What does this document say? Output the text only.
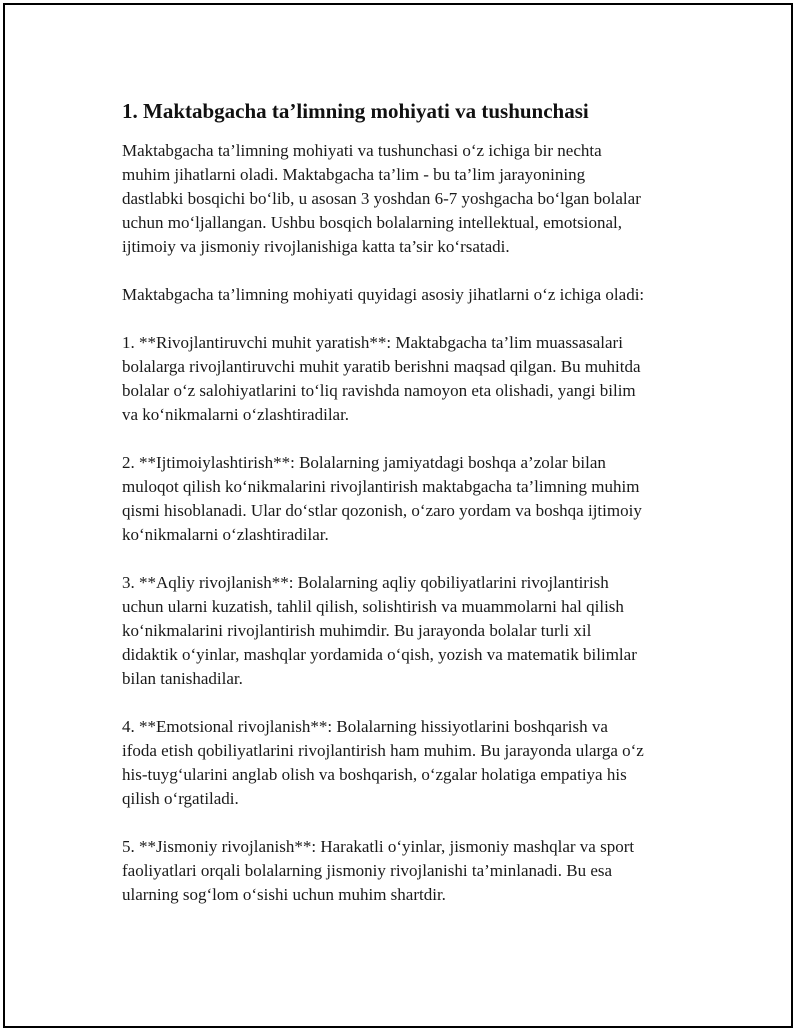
1. Maktabgacha ta’limning mohiyati va tushunchasi

Maktabgacha ta’limning mohiyati va tushunchasi o‘z ichiga bir nechta
muhim jihatlarni oladi. Maktabgacha ta’lim - bu ta’lim jarayonining
dastlabki bosqichi bo‘lib, u asosan 3 yoshdan 6-7 yoshgacha bo‘lgan bolalar
uchun mo‘ljallangan. Ushbu bosqich bolalarning intellektual, emotsional,
ijtimoiy va jismoniy rivojlanishiga katta ta’sir ko‘rsatadi.

Maktabgacha ta’limning mohiyati quyidagi asosiy jihatlarni o‘z ichiga oladi:

1. **Rivojlantiruvchi muhit yaratish**: Maktabgacha ta’lim muassasalari
bolalarga rivojlantiruvchi muhit yaratib berishni maqsad qilgan. Bu muhitda
bolalar o‘z salohiyatlarini to‘liq ravishda namoyon eta olishadi, yangi bilim
va ko‘nikmalarni o‘zlashtiradilar.

2. **Ijtimoiylashtirish**: Bolalarning jamiyatdagi boshqa a’zolar bilan
muloqot qilish ko‘nikmalarini rivojlantirish maktabgacha ta’limning muhim
qismi hisoblanadi. Ular do‘stlar qozonish, o‘zaro yordam va boshqa ijtimoiy
ko‘nikmalarni o‘zlashtiradilar.

3. **Aqliy rivojlanish**: Bolalarning aqliy qobiliyatlarini rivojlantirish
uchun ularni kuzatish, tahlil qilish, solishtirish va muammolarni hal qilish
ko‘nikmalarini rivojlantirish muhimdir. Bu jarayonda bolalar turli xil
didaktik o‘yinlar, mashqlar yordamida o‘qish, yozish va matematik bilimlar
bilan tanishadilar.

4. **Emotsional rivojlanish**: Bolalarning hissiyotlarini boshqarish va
ifoda etish qobiliyatlarini rivojlantirish ham muhim. Bu jarayonda ularga o‘z
his-tuyg‘ularini anglab olish va boshqarish, o‘zgalar holatiga empatiya his
qilish o‘rgatiladi.

5. **Jismoniy rivojlanish**: Harakatli o‘yinlar, jismoniy mashqlar va sport
faoliyatlari orqali bolalarning jismoniy rivojlanishi ta’minlanadi. Bu esa
ularning sog‘lom o‘sishi uchun muhim shartdir.
